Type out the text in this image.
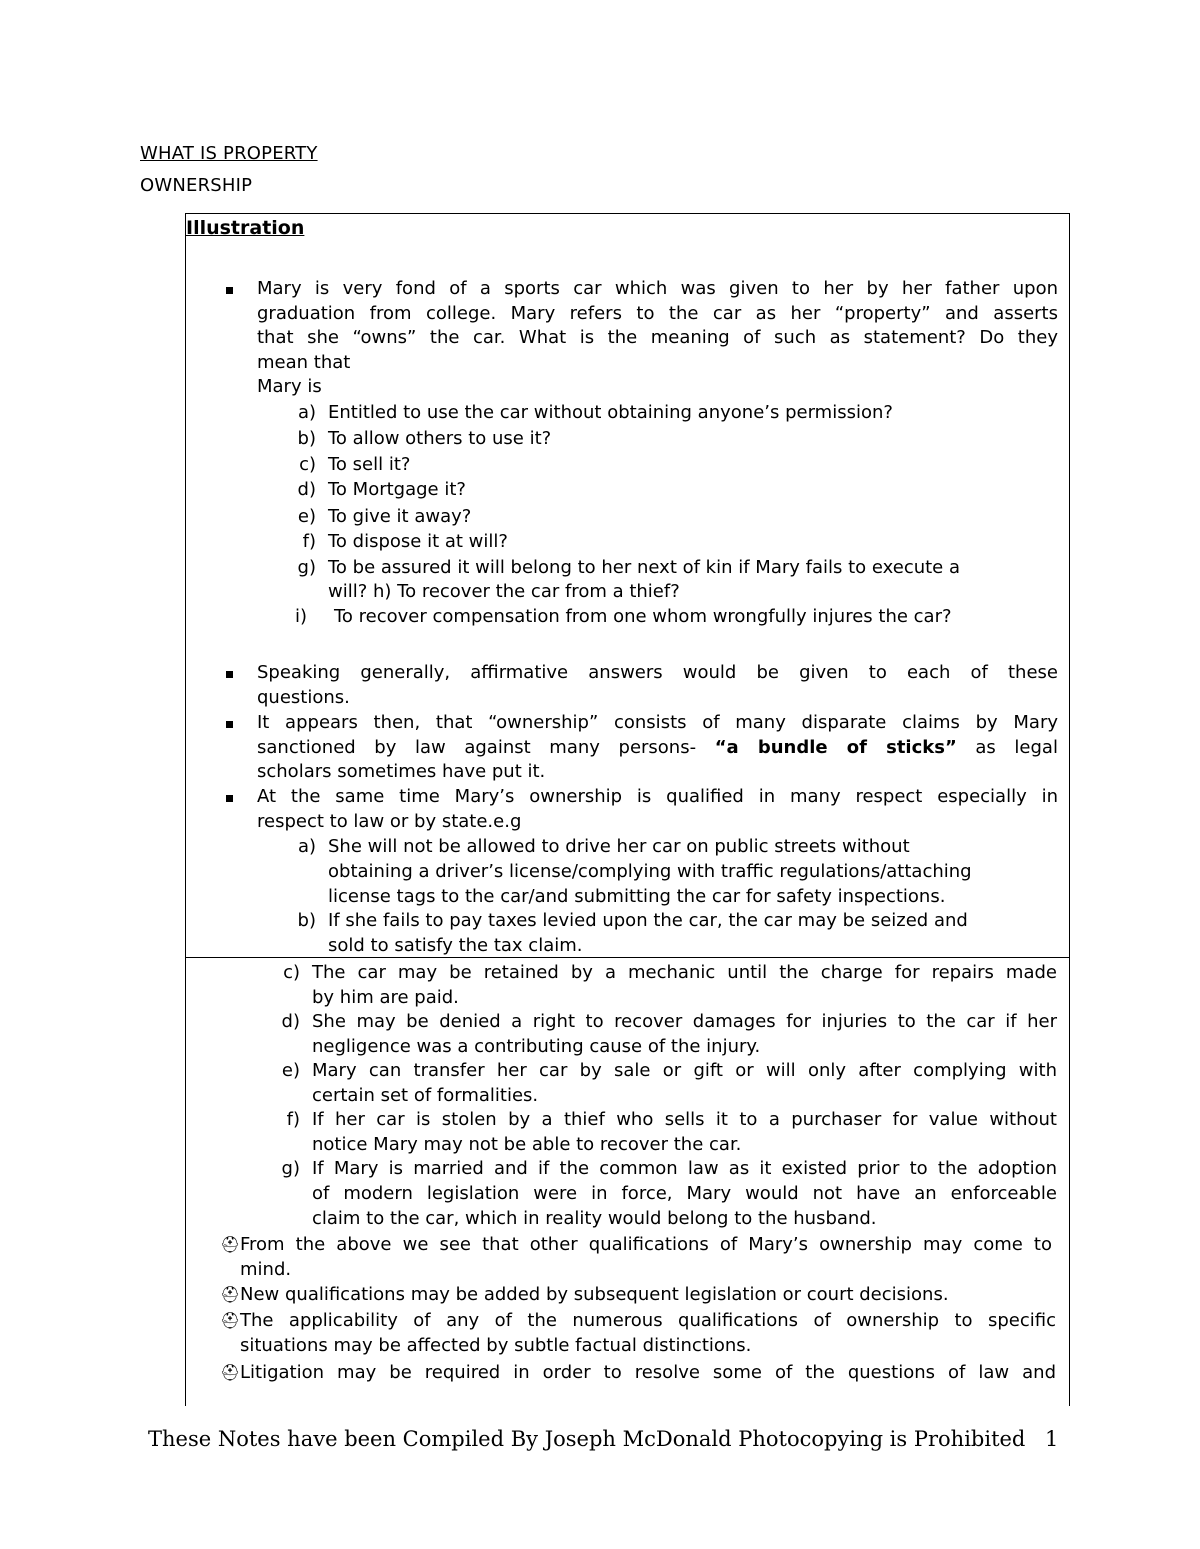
WHAT IS PROPERTY
OWNERSHIP
Illustration
Mary is very fond of a sports car which was given to her by her father upon
graduation from college. Mary refers to the car as her “property” and asserts
that she “owns” the car. What is the meaning of such as statement? Do they
mean that
Mary is
a) Entitled to use the car without obtaining anyone’s permission?
b) To allow others to use it?
c) To sell it?
d) To Mortgage it?
e) To give it away?
f) To dispose it at will?
g) To be assured it will belong to her next of kin if Mary fails to execute a
will? h) To recover the car from a thief?
i)	To recover compensation from one whom wrongfully injures the car?
Speaking generally, affirmative answers would be given to each of these
questions.
It appears then, that “ownership” consists of many disparate claims by Mary
sanctioned by law against many persons- “a bundle of sticks” as legal
scholars sometimes have put it.
At the same time Mary’s ownership is qualified in many respect especially in
respect to law or by state.e.g
a) She will not be allowed to drive her car on public streets without
obtaining a driver’s license/complying with traffic regulations/attaching
license tags to the car/and submitting the car for safety inspections.
b) If she fails to pay taxes levied upon the car, the car may be seized and
sold to satisfy the tax claim.
c) The car may be retained by a mechanic until the charge for repairs made
by him are paid.
d) She may be denied a right to recover damages for injuries to the car if her
negligence was a contributing cause of the injury.
e) Mary can transfer her car by sale or gift or will only after complying with
certain set of formalities.
f) If her car is stolen by a thief who sells it to a purchaser for value without
notice Mary may not be able to recover the car.
g) If Mary is married and if the common law as it existed prior to the adoption
of modern legislation were in force, Mary would not have an enforceable
claim to the car, which in reality would belong to the husband.
⛑ From the above we see that other qualifications of Mary’s ownership may come to
mind.
⛑ New qualifications may be added by subsequent legislation or court decisions.
⛑ The applicability of any of the numerous qualifications of ownership to specific
situations may be affected by subtle factual distinctions.
⛑ Litigation may be required in order to resolve some of the questions of law and
These Notes have been Compiled By Joseph McDonald Photocopying is Prohibited 1
